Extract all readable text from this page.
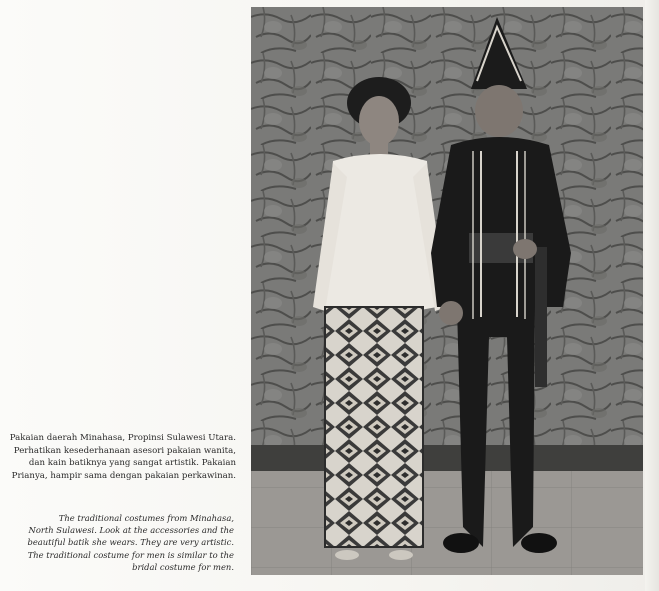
Pakaian daerah Minahasa, Propinsi Sulawesi Utara.
Perhatikan kesederhanaan asesori pakaian wanita,
dan kain batiknya yang sangat artistik. Pakaian
Prianya, hampir sama dengan pakaian perkawinan.
The traditional costumes from Minahasa,
North Sulawesi. Look at the accessories and the
beautiful batik she wears. They are very artistic.
The traditional costume for men is similar to the
bridal costume for men.
